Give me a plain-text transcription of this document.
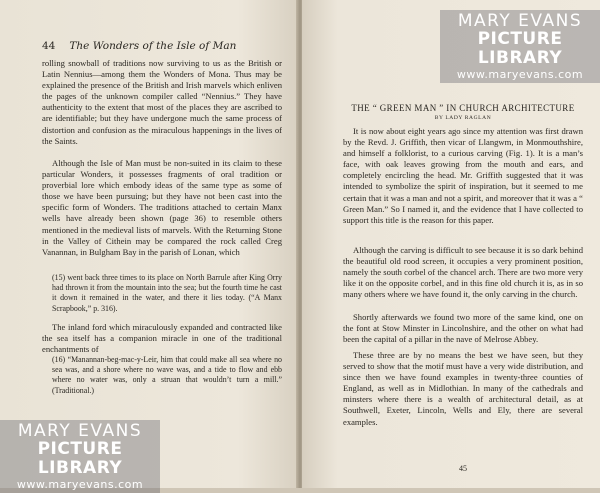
44 The Wonders of the Isle of Man

rolling snowball of traditions now surviving to us as the British or Latin Nennius—among them the Wonders of Mona. Thus may be explained the presence of the British and Irish marvels which enliven the pages of the unknown compiler called “Nennius.” They have authenticity to the extent that most of the places they are ascribed to are identifiable; but they have undergone much the same process of distortion and confusion as the miraculous happenings in the lives of the Saints.

Although the Isle of Man must be non-suited in its claim to these particular Wonders, it possesses fragments of oral tradition or proverbial lore which embody ideas of the same type as some of those we have been pursuing; but they have not been cast into the specific form of Wonders. The traditions attached to certain Manx wells have already been shown (page 36) to resemble others mentioned in the medieval lists of marvels. With the Returning Stone in the Valley of Cithein may be compared the rock called Creg Vanannan, in Bulgham Bay in the parish of Lonan, which

(15) went back three times to its place on North Barrule after King Orry had thrown it from the mountain into the sea; but the fourth time he cast it down it remained in the water, and there it lies today. (“A Manx Scrapbook,” p. 316).

The inland ford which miraculously expanded and contracted like the sea itself has a companion miracle in one of the traditional enchantments of

(16) “Manannan-beg-mac-y-Leir, him that could make all sea where no sea was, and a shore where no wave was, and a tide to flow and ebb where no water was, only a struan that wouldn’t turn a mill.” (Traditional.)

THE “ GREEN MAN ” IN CHURCH ARCHITECTURE
BY LADY RAGLAN

It is now about eight years ago since my attention was first drawn by the Revd. J. Griffith, then vicar of Llangwm, in Monmouthshire, and himself a folklorist, to a curious carving (Fig. 1). It is a man’s face, with oak leaves growing from the mouth and ears, and completely encircling the head. Mr. Griffith suggested that it was intended to symbolize the spirit of inspiration, but it seemed to me certain that it was a man and not a spirit, and moreover that it was a “ Green Man.” So I named it, and the evidence that I have collected to support this title is the reason for this paper.

Although the carving is difficult to see because it is so dark behind the beautiful old rood screen, it occupies a very prominent position, namely the south corbel of the chancel arch. There are two more very like it on the opposite corbel, and in this fine old church it is, as in so many others where we have found it, the only carving in the church.

Shortly afterwards we found two more of the same kind, one on the font at Stow Minster in Lincolnshire, and the other on what had been the capital of a pillar in the nave of Melrose Abbey.

These three are by no means the best we have seen, but they served to show that the motif must have a very wide distribution, and since then we have found examples in twenty-three counties of England, as well as in Midlothian. In many of the cathedrals and minsters where there is a wealth of architectural detail, as at Southwell, Exeter, Lincoln, Wells and Ely, there are several examples.

45
MARY EVANS
PICTURE LIBRARY
www.maryevans.com
MARY EVANS
PICTURE LIBRARY
www.maryevans.com
